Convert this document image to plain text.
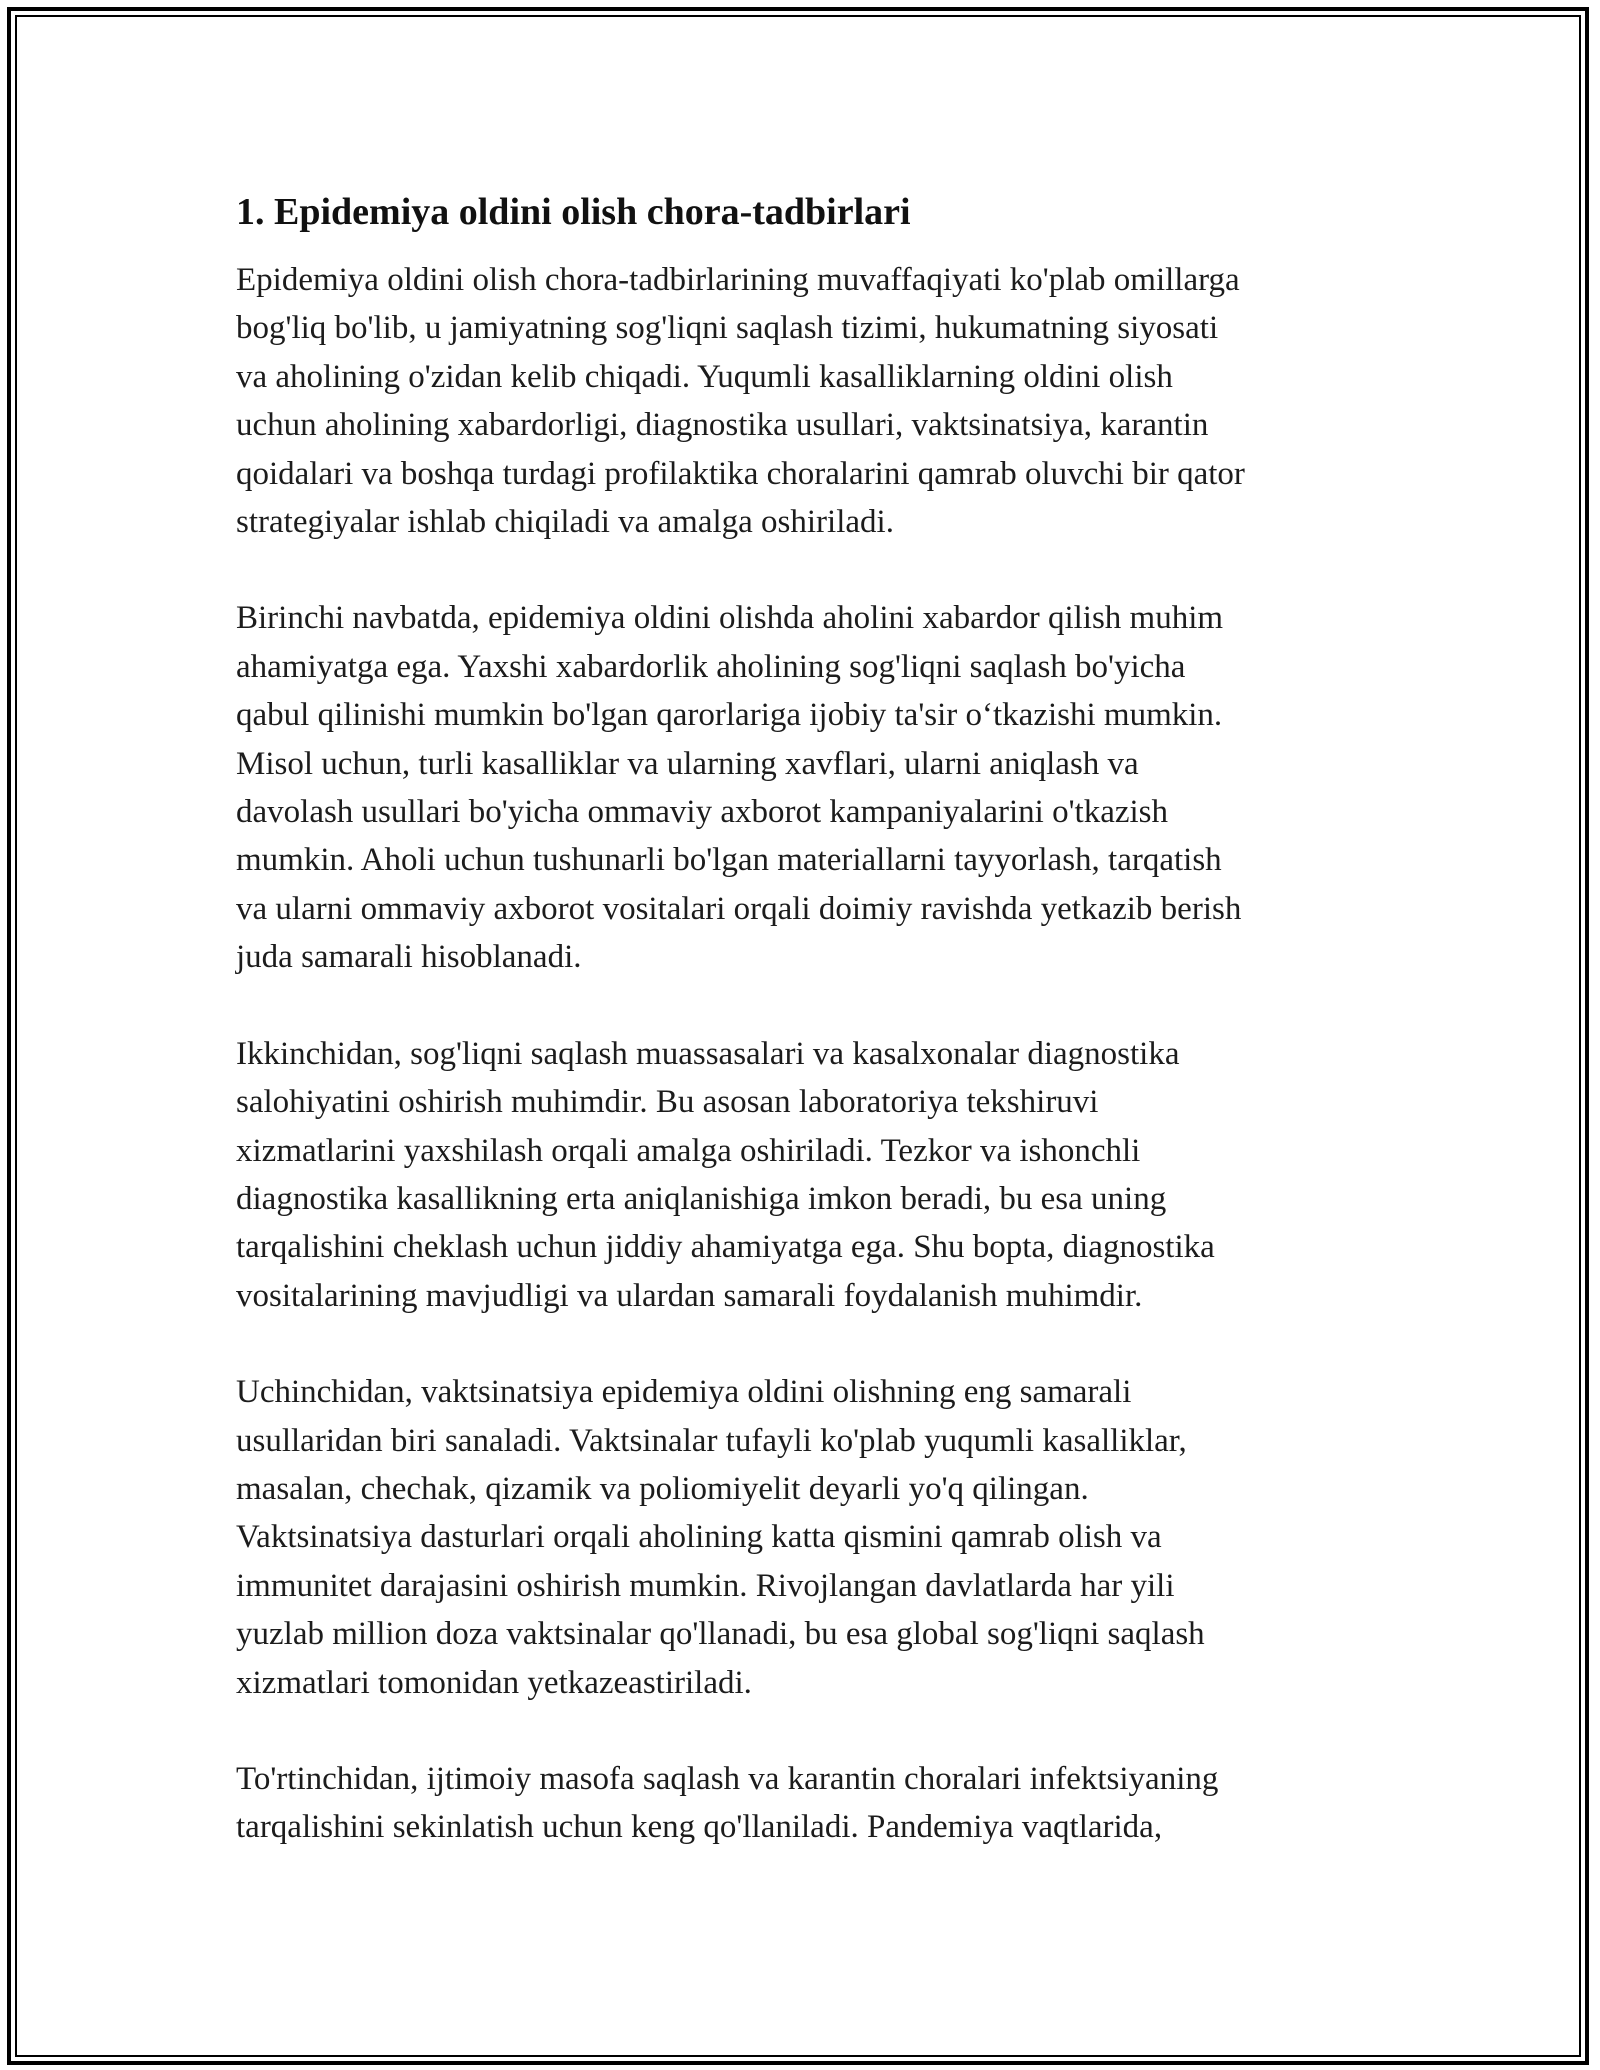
1. Epidemiya oldini olish chora-tadbirlari

Epidemiya oldini olish chora-tadbirlarining muvaffaqiyati ko'plab omillarga
bog'liq bo'lib, u jamiyatning sog'liqni saqlash tizimi, hukumatning siyosati
va aholining o'zidan kelib chiqadi. Yuqumli kasalliklarning oldini olish
uchun aholining xabardorligi, diagnostika usullari, vaktsinatsiya, karantin
qoidalari va boshqa turdagi profilaktika choralarini qamrab oluvchi bir qator
strategiyalar ishlab chiqiladi va amalga oshiriladi.

Birinchi navbatda, epidemiya oldini olishda aholini xabardor qilish muhim
ahamiyatga ega. Yaxshi xabardorlik aholining sog'liqni saqlash bo'yicha
qabul qilinishi mumkin bo'lgan qarorlariga ijobiy ta'sir o‘tkazishi mumkin.
Misol uchun, turli kasalliklar va ularning xavflari, ularni aniqlash va
davolash usullari bo'yicha ommaviy axborot kampaniyalarini o'tkazish
mumkin. Aholi uchun tushunarli bo'lgan materiallarni tayyorlash, tarqatish
va ularni ommaviy axborot vositalari orqali doimiy ravishda yetkazib berish
juda samarali hisoblanadi.

Ikkinchidan, sog'liqni saqlash muassasalari va kasalxonalar diagnostika
salohiyatini oshirish muhimdir. Bu asosan laboratoriya tekshiruvi
xizmatlarini yaxshilash orqali amalga oshiriladi. Tezkor va ishonchli
diagnostika kasallikning erta aniqlanishiga imkon beradi, bu esa uning
tarqalishini cheklash uchun jiddiy ahamiyatga ega. Shu bopta, diagnostika
vositalarining mavjudligi va ulardan samarali foydalanish muhimdir.

Uchinchidan, vaktsinatsiya epidemiya oldini olishning eng samarali
usullaridan biri sanaladi. Vaktsinalar tufayli ko'plab yuqumli kasalliklar,
masalan, chechak, qizamik va poliomiyelit deyarli yo'q qilingan.
Vaktsinatsiya dasturlari orqali aholining katta qismini qamrab olish va
immunitet darajasini oshirish mumkin. Rivojlangan davlatlarda har yili
yuzlab million doza vaktsinalar qo'llanadi, bu esa global sog'liqni saqlash
xizmatlari tomonidan yetkazeastiriladi.

To'rtinchidan, ijtimoiy masofa saqlash va karantin choralari infektsiyaning
tarqalishini sekinlatish uchun keng qo'llaniladi. Pandemiya vaqtlarida,
